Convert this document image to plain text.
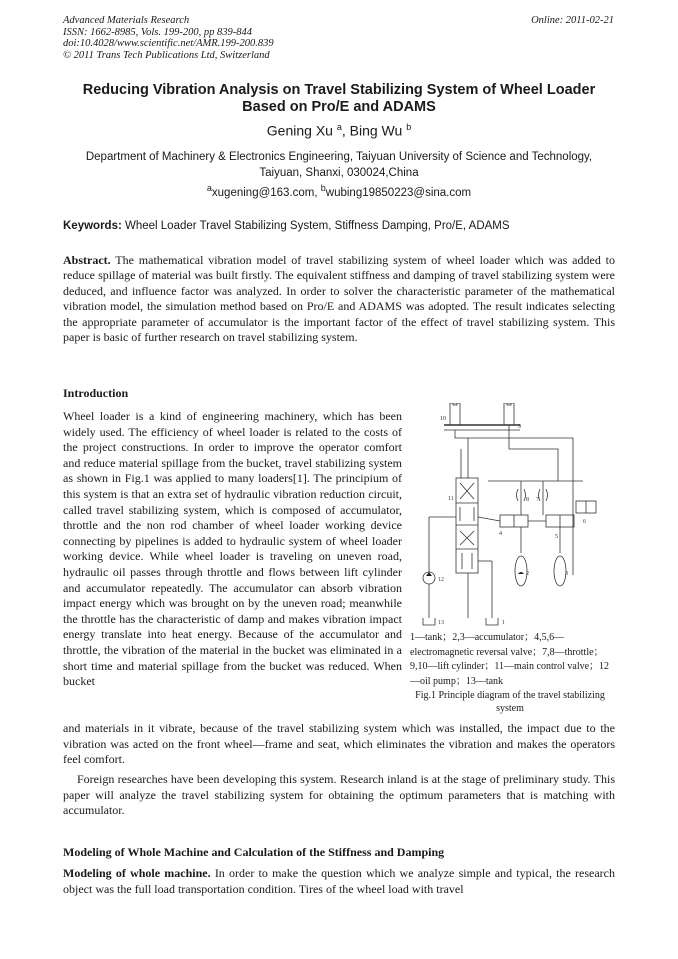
Advanced Materials Research
ISSN: 1662-8985, Vols. 199-200, pp 839-844
doi:10.4028/www.scientific.net/AMR.199-200.839
© 2011 Trans Tech Publications Ltd, Switzerland
Online: 2011-02-21
Reducing Vibration Analysis on Travel Stabilizing System of Wheel Loader Based on Pro/E and ADAMS
Gening Xu $^a$, Bing Wu $^b$
Department of Machinery & Electronics Engineering, Taiyuan University of Science and Technology, Taiyuan, Shanxi, 030024,China
$^a$xugening@163.com, $^b$wubing19850223@sina.com
Keywords: Wheel Loader Travel Stabilizing System, Stiffness Damping, Pro/E, ADAMS
Abstract. The mathematical vibration model of travel stabilizing system of wheel loader which was added to reduce spillage of material was built firstly. The equivalent stiffness and damping of travel stabilizing system were deduced, and influence factor was analyzed. In order to solver the characteristic parameter of the mathematical vibration model, the simulation method based on Pro/E and ADAMS was adopted. The result indicates selecting the appropriate parameter of accumulator is the important factor of the effect of travel stabilizing system. This paper is basic of further research on travel stabilizing system.
Introduction

Wheel loader is a kind of engineering machinery, which has been widely used. The efficiency of wheel loader is related to the costs of the project constructions. In order to improve the operator comfort and reduce material spillage from the bucket, travel stabilizing system as shown in Fig.1 was applied to many loaders[1]. The principium of this system is that an extra set of hydraulic vibration reduction circuit, called travel stabilizing system, which is composed of accumulator, throttle and the non rod chamber of wheel loader working device connecting by pipelines is added to hydraulic system of wheel loader working device. While wheel loader is traveling on uneven road, hydraulic oil passes through throttle and flows between lift cylinder and accumulator repeatedly. The accumulator can absorb vibration impact energy which was brought on by the uneven road; meanwhile the throttle has the characteristic of damp and makes vibration impact energy translate into heat energy. Because of the accumulator and throttle, the vibration of the material in the bucket was eliminated in a short time and material spillage from the bucket was reduced. When bucket

10
9
11	8 7
6
4	5
2	3
12
13	1
1—tank；2,3—accumulator；4,5,6—electromagnetic reversal valve；7,8—throttle；9,10—lift cylinder；11—main control valve；12—oil pump；13—tank
Fig.1 Principle diagram of the travel stabilizing system

and materials in it vibrate, because of the travel stabilizing system which was installed, the impact due to the vibration was acted on the front wheel—frame and seat, which eliminates the vibration and makes the operators feel comfort.

Foreign researches have been developing this system. Research inland is at the stage of preliminary study. This paper will analyze the travel stabilizing system for obtaining the optimum parameters that is matching with accumulator.

Modeling of Whole Machine and Calculation of the Stiffness and Damping

Modeling of whole machine. In order to make the question which we analyze simple and typical, the research object was the full load transportation condition. Tires of the wheel load with travel
